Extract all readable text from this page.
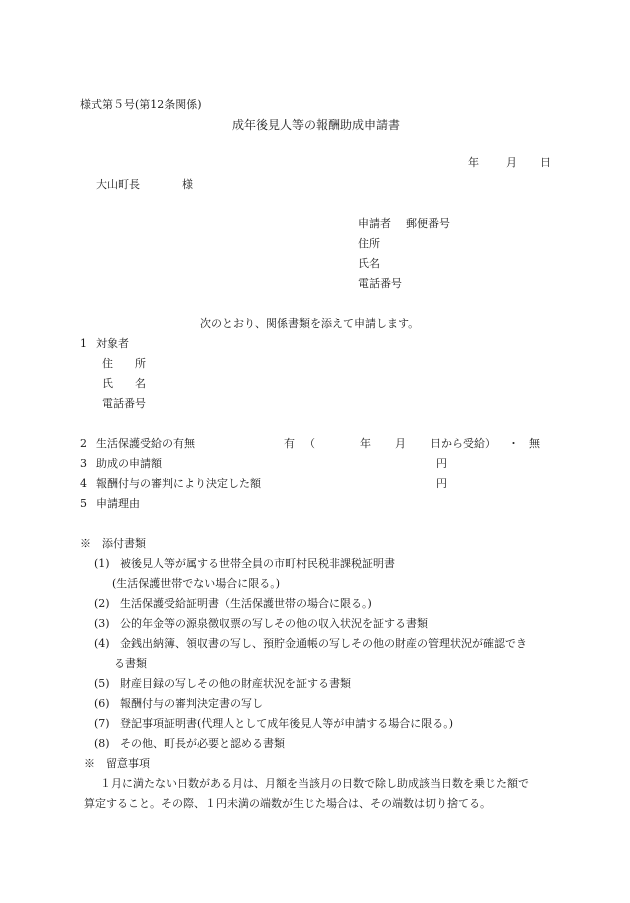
様式第５号(第12条関係)
成年後見人等の報酬助成申請書
年 月 日
大山町長	様
申請者 郵便番号
住所
氏名
電話番号
次のとおり、関係書類を添えて申請します。
1 対象者
住　　所
氏　　名
電話番号
2 生活保護受給の有無	有 （	年 月 日から受給） ・ 無
3 助成の申請額	円
4 報酬付与の審判により決定した額	円
5 申請理由
※　添付書類
(1) 被後見人等が属する世帯全員の市町村民税非課税証明書
(生活保護世帯でない場合に限る。)
(2) 生活保護受給証明書（生活保護世帯の場合に限る。)
(3) 公的年金等の源泉徴収票の写しその他の収入状況を証する書類
(4) 金銭出納簿、領収書の写し、預貯金通帳の写しその他の財産の管理状況が確認でき
る書類
(5) 財産目録の写しその他の財産状況を証する書類
(6) 報酬付与の審判決定書の写し
(7) 登記事項証明書(代理人として成年後見人等が申請する場合に限る。)
(8) その他、町長が必要と認める書類
※　留意事項
１月に満たない日数がある月は、月額を当該月の日数で除し助成該当日数を乗じた額で
算定すること。その際、１円未満の端数が生じた場合は、その端数は切り捨てる。
